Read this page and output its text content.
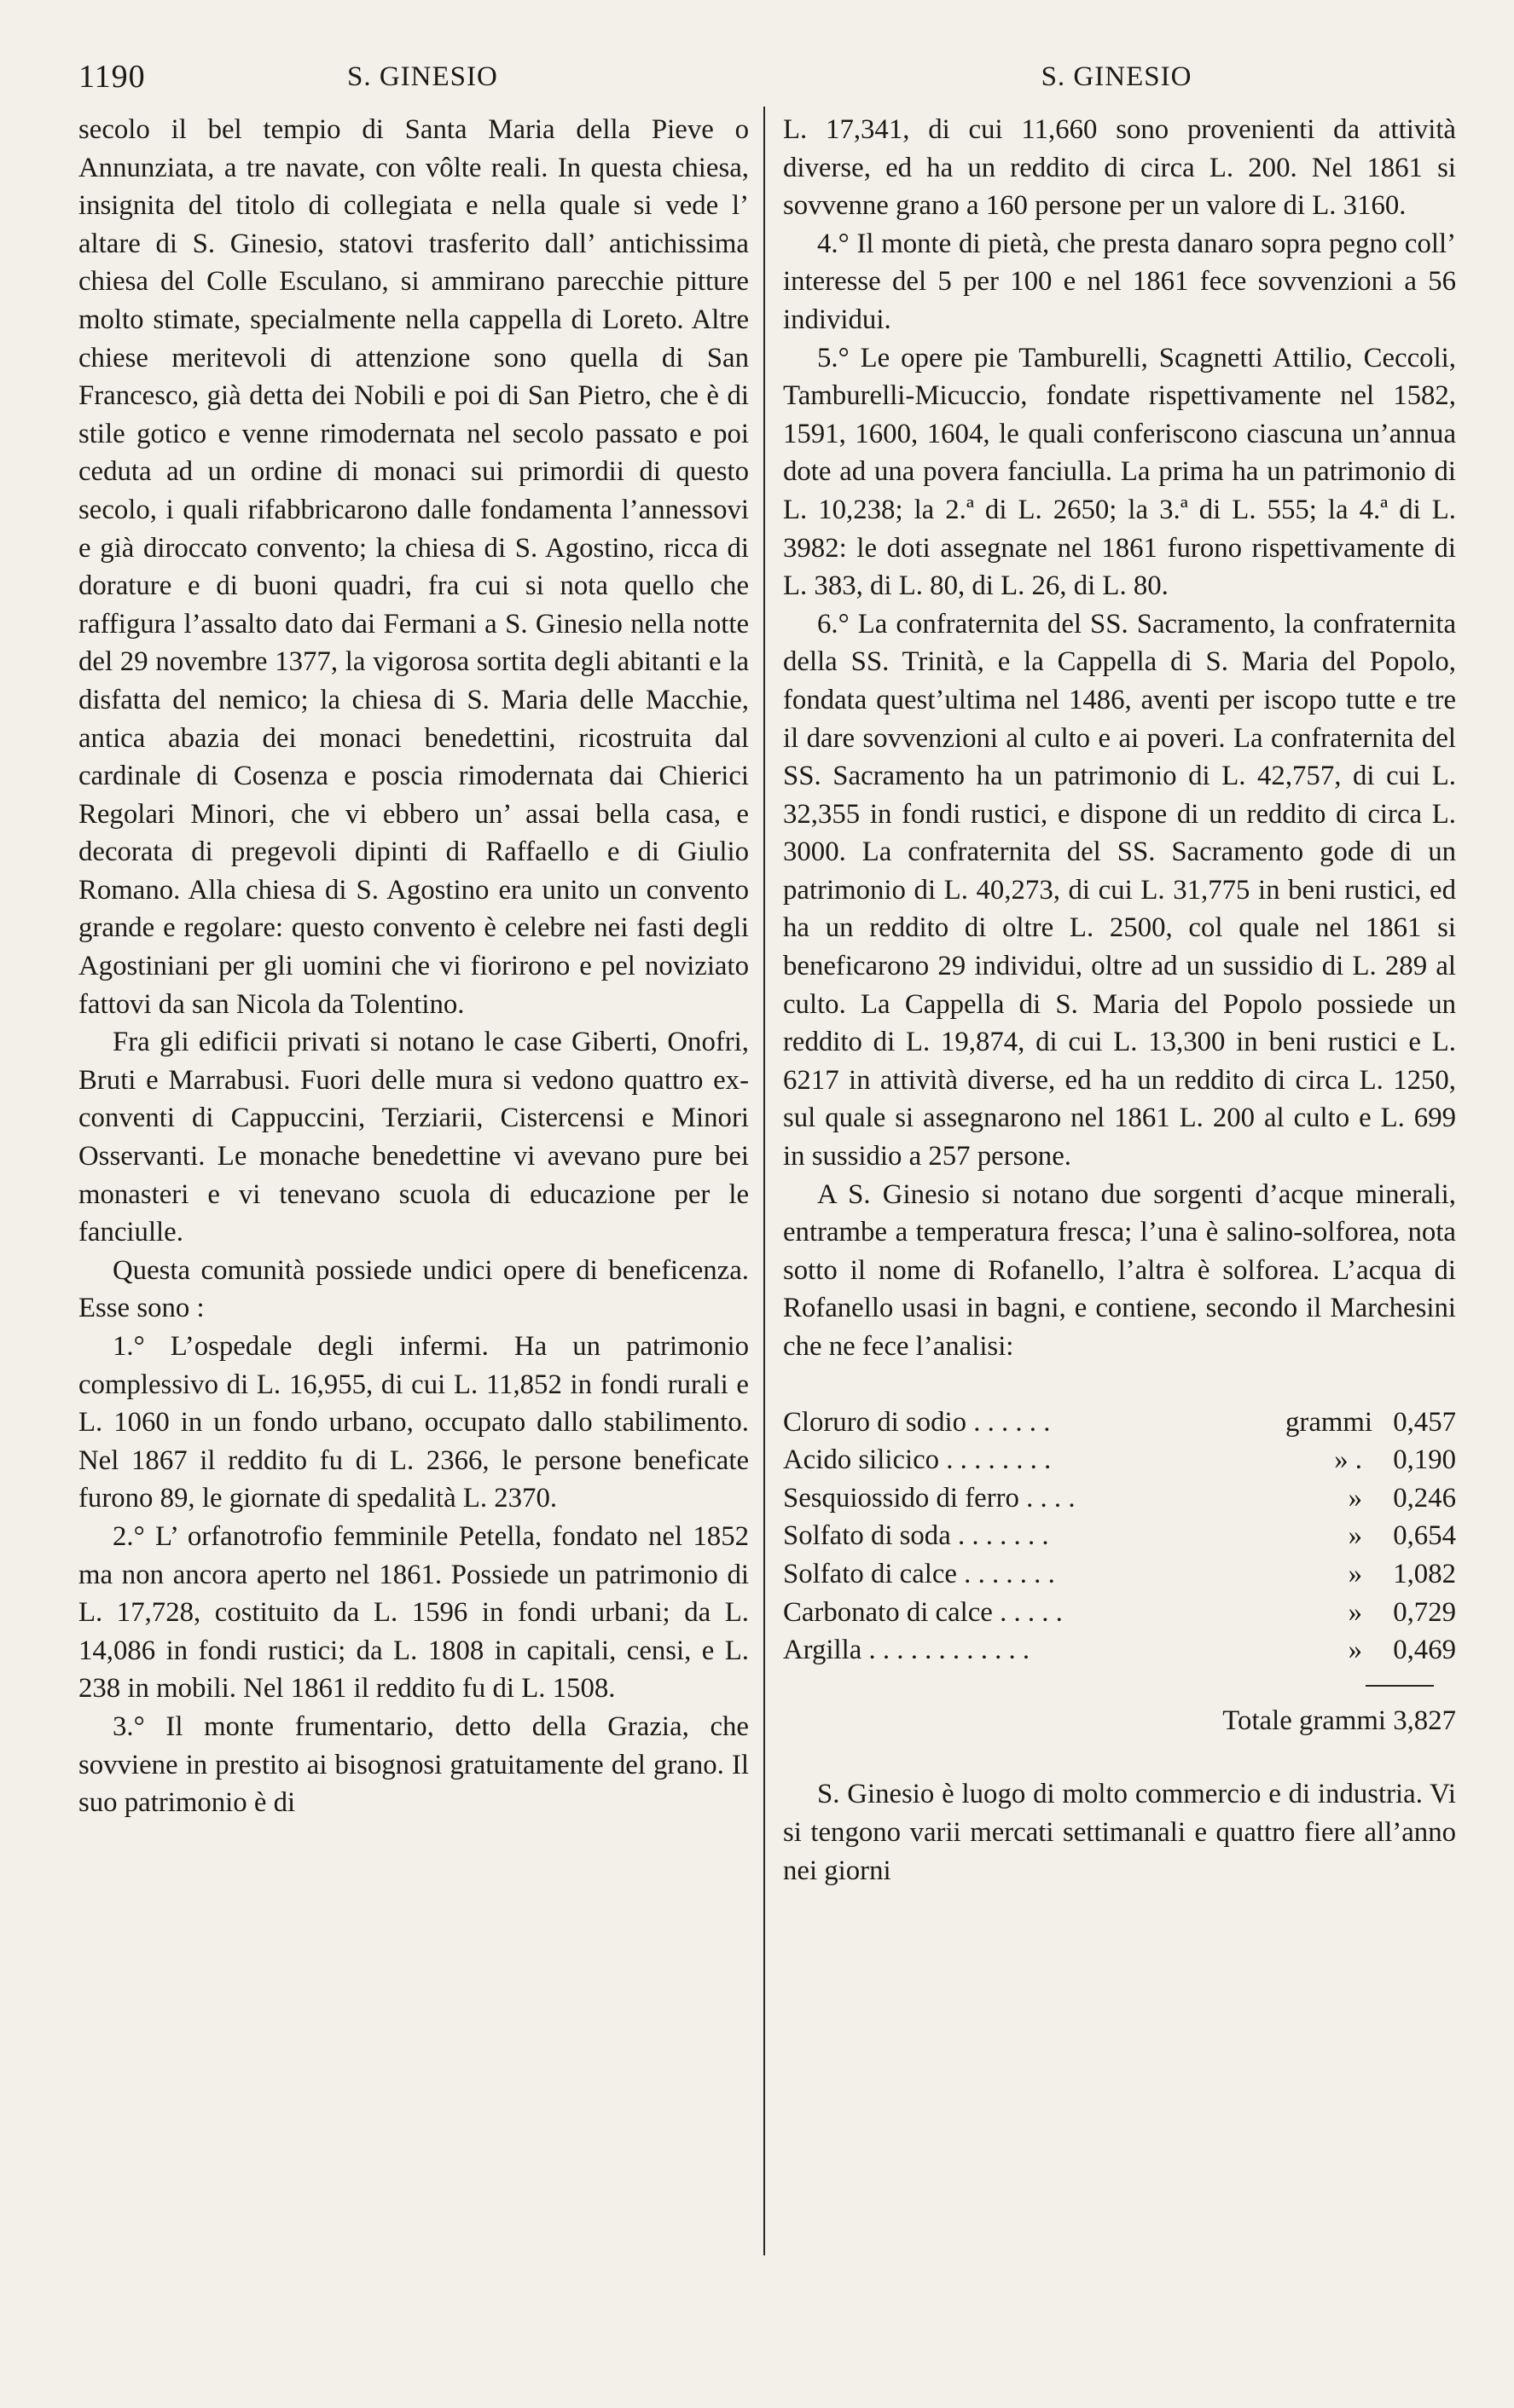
1190	S. GINESIO	S. GINESIO

secolo il bel tempio di Santa Maria della Pieve o Annunziata, a tre navate, con vôlte reali. In questa chiesa, insignita del titolo di collegiata e nella quale si vede l’ altare di S. Ginesio, statovi trasferito dall’ antichissima chiesa del Colle Esculano, si ammirano parecchie pitture molto stimate, specialmente nella cappella di Loreto. Altre chiese meritevoli di attenzione sono quella di San Francesco, già detta dei Nobili e poi di San Pietro, che è di stile gotico e venne rimodernata nel secolo passato e poi ceduta ad un ordine di monaci sui primordii di questo secolo, i quali rifabbricarono dalle fondamenta l’annessovi e già diroccato convento; la chiesa di S. Agostino, ricca di dorature e di buoni quadri, fra cui si nota quello che raffigura l’assalto dato dai Fermani a S. Ginesio nella notte del 29 novembre 1377, la vigorosa sortita degli abitanti e la disfatta del nemico; la chiesa di S. Maria delle Macchie, antica abazia dei monaci benedettini, ricostruita dal cardinale di Cosenza e poscia rimodernata dai Chierici Regolari Minori, che vi ebbero un’ assai bella casa, e decorata di pregevoli dipinti di Raffaello e di Giulio Romano. Alla chiesa di S. Agostino era unito un convento grande e regolare: questo convento è celebre nei fasti degli Agostiniani per gli uomini che vi fiorirono e pel noviziato fattovi da san Nicola da Tolentino.

Fra gli edificii privati si notano le case Giberti, Onofri, Bruti e Marrabusi. Fuori delle mura si vedono quattro ex-conventi di Cappuccini, Terziarii, Cistercensi e Minori Osservanti. Le monache benedettine vi avevano pure bei monasteri e vi tenevano scuola di educazione per le fanciulle.

Questa comunità possiede undici opere di beneficenza. Esse sono :

1.° L’ospedale degli infermi. Ha un patrimonio complessivo di L. 16,955, di cui L. 11,852 in fondi rurali e L. 1060 in un fondo urbano, occupato dallo stabilimento. Nel 1867 il reddito fu di L. 2366, le persone beneficate furono 89, le giornate di spedalità L. 2370.

2.° L’ orfanotrofio femminile Petella, fondato nel 1852 ma non ancora aperto nel 1861. Possiede un patrimonio di L. 17,728, costituito da L. 1596 in fondi urbani; da L. 14,086 in fondi rustici; da L. 1808 in capitali, censi, e L. 238 in mobili. Nel 1861 il reddito fu di L. 1508.

3.° Il monte frumentario, detto della Grazia, che sovviene in prestito ai bisognosi gratuitamente del grano. Il suo patrimonio è di

L. 17,341, di cui 11,660 sono provenienti da attività diverse, ed ha un reddito di circa L. 200. Nel 1861 si sovvenne grano a 160 persone per un valore di L. 3160.

4.° Il monte di pietà, che presta danaro sopra pegno coll’ interesse del 5 per 100 e nel 1861 fece sovvenzioni a 56 individui.

5.° Le opere pie Tamburelli, Scagnetti Attilio, Ceccoli, Tamburelli-Micuccio, fondate rispettivamente nel 1582, 1591, 1600, 1604, le quali conferiscono ciascuna un’annua dote ad una povera fanciulla. La prima ha un patrimonio di L. 10,238; la 2.ª di L. 2650; la 3.ª di L. 555; la 4.ª di L. 3982: le doti assegnate nel 1861 furono rispettivamente di L. 383, di L. 80, di L. 26, di L. 80.

6.° La confraternita del SS. Sacramento, la confraternita della SS. Trinità, e la Cappella di S. Maria del Popolo, fondata quest’ultima nel 1486, aventi per iscopo tutte e tre il dare sovvenzioni al culto e ai poveri. La confraternita del SS. Sacramento ha un patrimonio di L. 42,757, di cui L. 32,355 in fondi rustici, e dispone di un reddito di circa L. 3000. La confraternita del SS. Sacramento gode di un patrimonio di L. 40,273, di cui L. 31,775 in beni rustici, ed ha un reddito di oltre L. 2500, col quale nel 1861 si beneficarono 29 individui, oltre ad un sussidio di L. 289 al culto. La Cappella di S. Maria del Popolo possiede un reddito di L. 19,874, di cui L. 13,300 in beni rustici e L. 6217 in attività diverse, ed ha un reddito di circa L. 1250, sul quale si assegnarono nel 1861 L. 200 al culto e L. 699 in sussidio a 257 persone.

A S. Ginesio si notano due sorgenti d’acque minerali, entrambe a temperatura fresca; l’una è salino-solforea, nota sotto il nome di Rofanello, l’altra è solforea. L’acqua di Rofanello usasi in bagni, e contiene, secondo il Marchesini che ne fece l’analisi:

Cloruro di sodio . . . . . .	grammi 0,457
Acido silicico . . . . . . . .	» .	0,190
Sesquiossido di ferro . . . .	»	0,246
Solfato di soda . . . . . . .	»	0,654
Solfato di calce . . . . . . .	»	1,082
Carbonato di calce . . . . .	»	0,729
Argilla . . . . . . . . . . . .	»	0,469
Totale grammi 3,827

S. Ginesio è luogo di molto commercio e di industria. Vi si tengono varii mercati settimanali e quattro fiere all’anno nei giorni
